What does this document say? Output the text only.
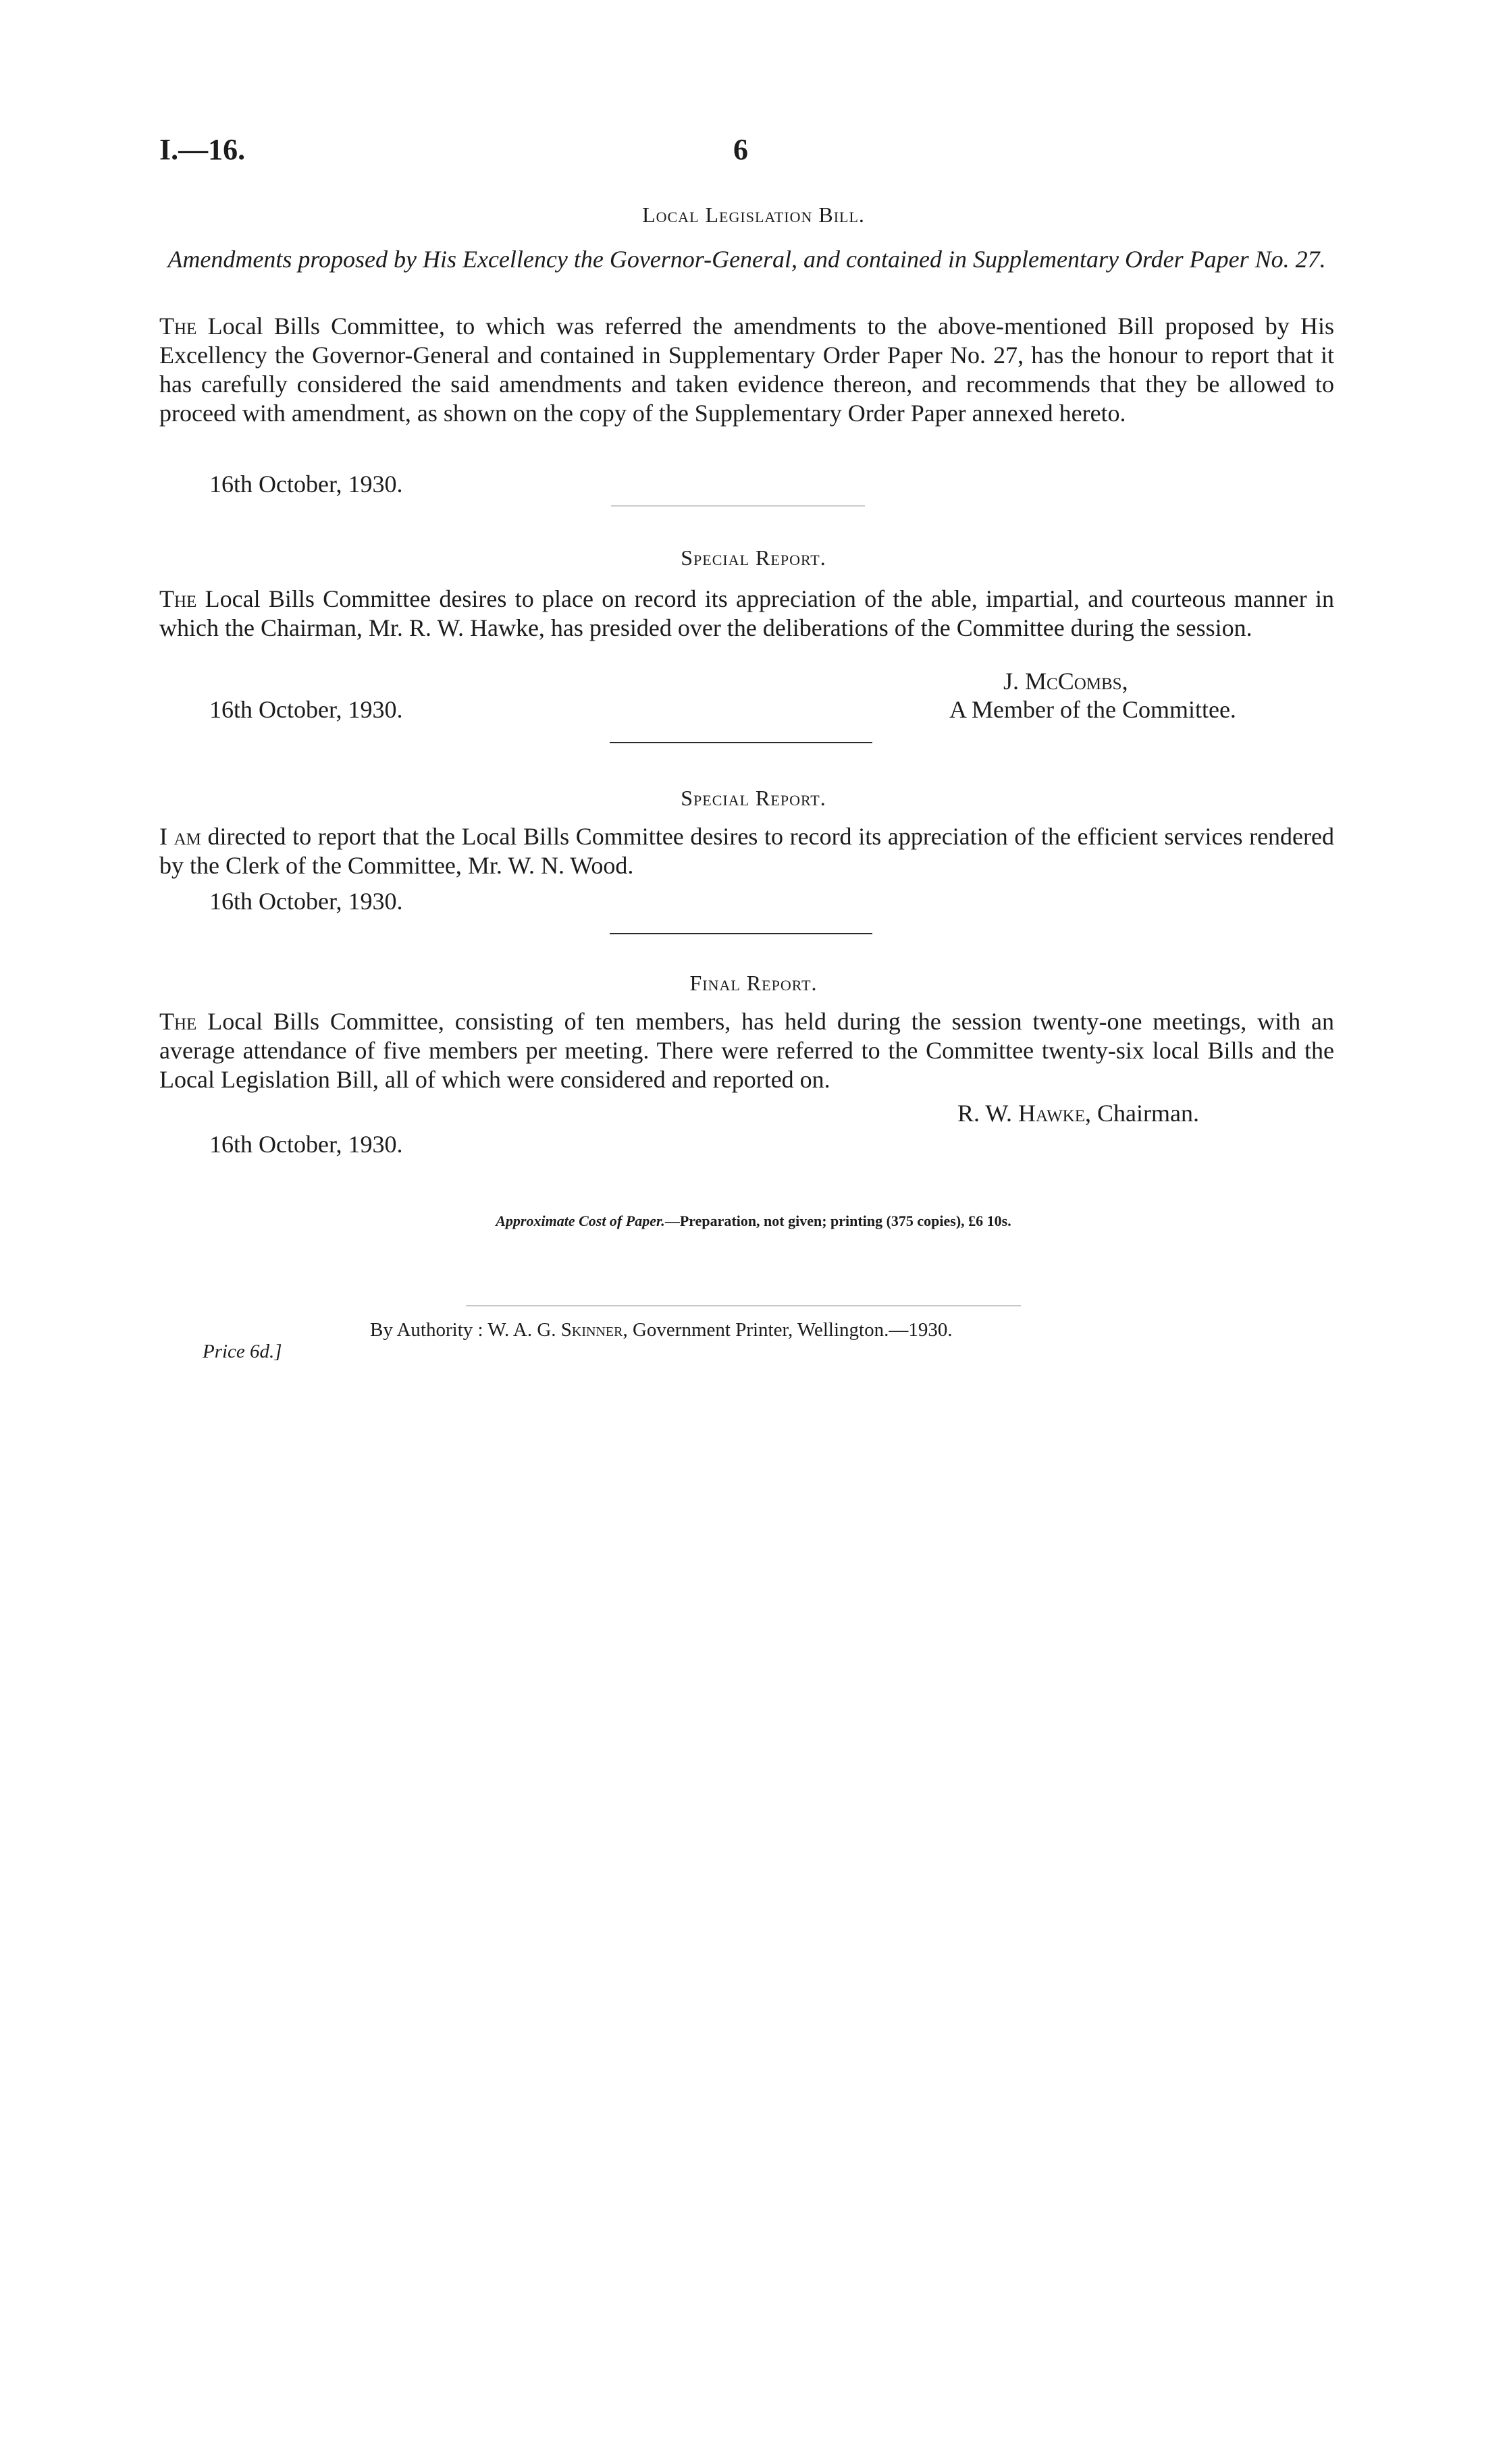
I.—16.	6
Local Legislation Bill.
Amendments proposed by His Excellency the Governor-General, and contained in Supplementary Order Paper No. 27.
The Local Bills Committee, to which was referred the amendments to the above-mentioned Bill proposed by His Excellency the Governor-General and contained in Supplementary Order Paper No. 27, has the honour to report that it has carefully considered the said amendments and taken evidence thereon, and recommends that they be allowed to proceed with amendment, as shown on the copy of the Supplementary Order Paper annexed hereto.
16th October, 1930.
Special Report.
The Local Bills Committee desires to place on record its appreciation of the able, impartial, and courteous manner in which the Chairman, Mr. R. W. Hawke, has presided over the deliberations of the Committee during the session.
J. McCombs,
16th October, 1930.	A Member of the Committee.
Special Report.
I am directed to report that the Local Bills Committee desires to record its appreciation of the efficient services rendered by the Clerk of the Committee, Mr. W. N. Wood.
16th October, 1930.
Final Report.
The Local Bills Committee, consisting of ten members, has held during the session twenty-one meetings, with an average attendance of five members per meeting. There were referred to the Committee twenty-six local Bills and the Local Legislation Bill, all of which were considered and reported on.
R. W. Hawke, Chairman.
16th October, 1930.
Approximate Cost of Paper.—Preparation, not given; printing (375 copies), £6 10s.
By Authority : W. A. G. Skinner, Government Printer, Wellington.—1930.
Price 6d.]
